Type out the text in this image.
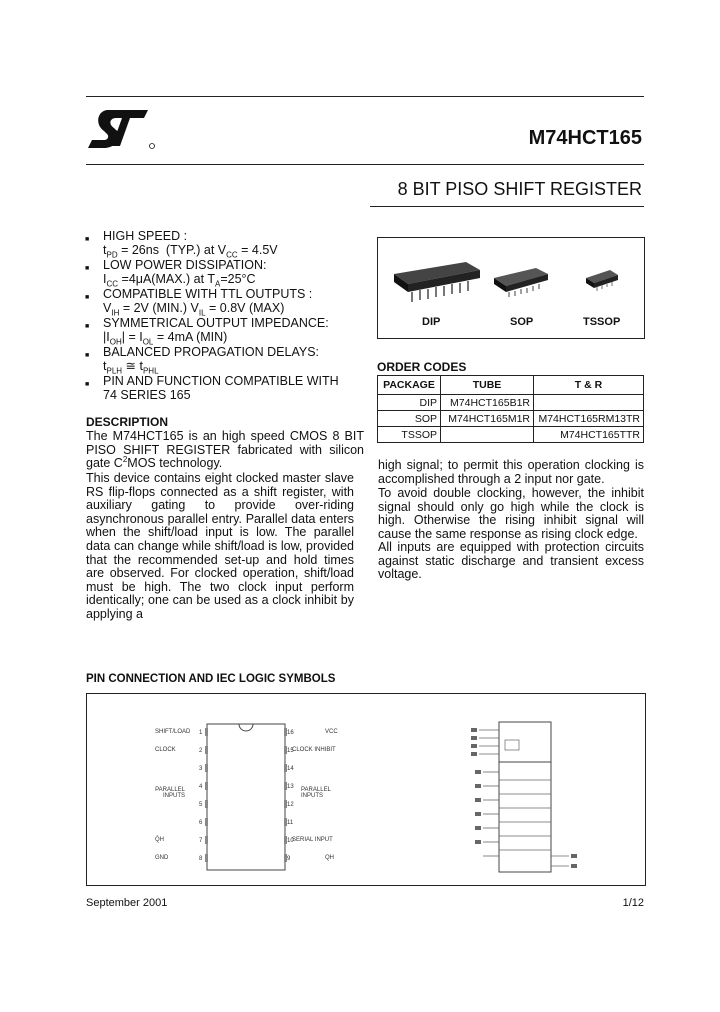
M74HCT165
8 BIT PISO SHIFT REGISTER
■ HIGH SPEED :
$t_{PD} = 26ns$  (TYP.) at $V_{CC} = 4.5V$
■ LOW POWER DISSIPATION:
$I_{CC} =4\mu A(MAX.)$ at $T_A=25^\circ C$
■ COMPATIBLE WITH TTL OUTPUTS :
$V_{IH} = 2V$ (MIN.) $V_{IL} = 0.8V$ (MAX)
■ SYMMETRICAL OUTPUT IMPEDANCE:
$|I_{OH}| = I_{OL} = 4mA$ (MIN)
■ BALANCED PROPAGATION DELAYS:
$t_{PLH}$ ≅ $t_{PHL}$
■ PIN AND FUNCTION COMPATIBLE WITH
74 SERIES 165
DIP	SOP	TSSOP
ORDER CODES
PACKAGE	TUBE	T & R
DIP	M74HCT165B1R	
SOP	M74HCT165M1R	M74HCT165RM13TR
TSSOP		M74HCT165TTR
DESCRIPTION

The M74HCT165 is an high speed CMOS 8 BIT PISO SHIFT REGISTER fabricated with silicon gate $C^2MOS$ technology.

This device contains eight clocked master slave RS flip-flops connected as a shift register, with auxiliary gating to provide over-riding asynchronous parallel entry. Parallel data enters when the shift/load input is low. The parallel data can change while shift/load is low, provided that the recommended set-up and hold times are observed. For clocked operation, shift/load must be high. The two clock input perform identically; one can be used as a clock inhibit by applying a

high signal; to permit this operation clocking is accomplished through a 2 input nor gate.

To avoid double clocking, however, the inhibit signal should only go high while the clock is high. Otherwise the rising inhibit signal will cause the same response as rising clock edge.

All inputs are equipped with protection circuits against static discharge and transient excess voltage.

PIN CONNECTION AND IEC LOGIC SYMBOLS
1
2
3
4
5
6
7
8
16
15
14
13
12
11
10
9
SHIFT/LOAD
CLOCK
PARALLEL INPUTS
Q̄H
GND
VCC
CLOCK INHIBIT
PARALLEL INPUTS
SERIAL INPUT
QH
September 2001	1/12
